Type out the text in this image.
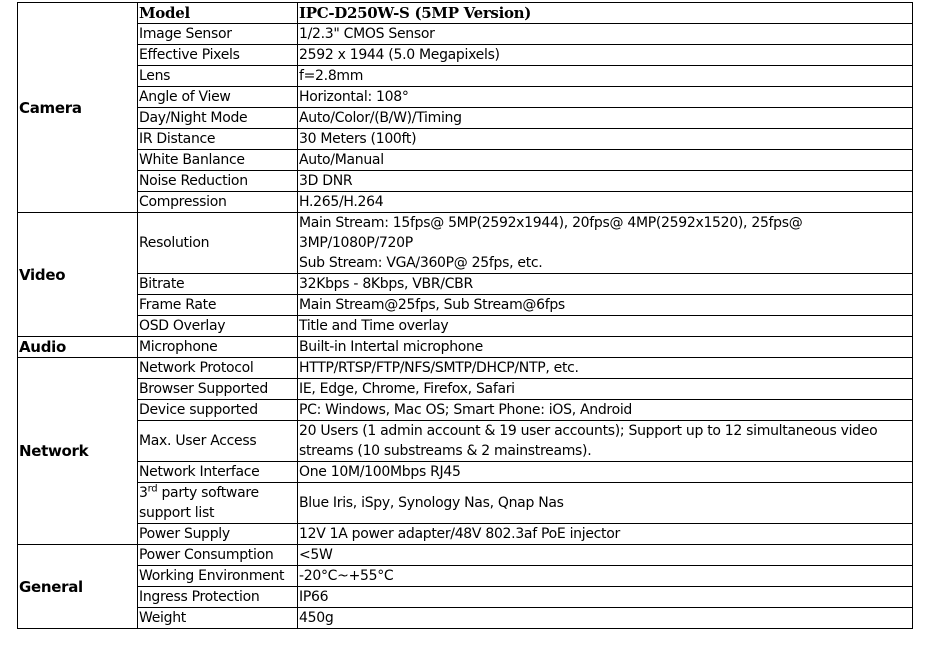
Camera	Model	IPC-D250W-S (5MP Version)
	Image Sensor	1/2.3" CMOS Sensor
	Effective Pixels	2592 x 1944 (5.0 Megapixels)
	Lens	f=2.8mm
	Angle of View	Horizontal: 108°
	Day/Night Mode	Auto/Color/(B/W)/Timing
	IR Distance	30 Meters (100ft)
	White Banlance	Auto/Manual
	Noise Reduction	3D DNR
	Compression	H.265/H.264
Video	Resolution	Main Stream: 15fps@ 5MP(2592x1944), 20fps@ 4MP(2592x1520), 25fps@
3MP/1080P/720P
Sub Stream: VGA/360P@ 25fps, etc.

	Bitrate	32Kbps - 8Kbps, VBR/CBR
	Frame Rate	Main Stream@25fps, Sub Stream@6fps
	OSD Overlay	Title and Time overlay
Audio	Microphone	Built-in Intertal microphone
Network	Network Protocol	HTTP/RTSP/FTP/NFS/SMTP/DHCP/NTP, etc.
	Browser Supported	IE, Edge, Chrome, Firefox, Safari
	Device supported	PC: Windows, Mac OS; Smart Phone: iOS, Android
	Max. User Access	20 Users (1 admin account & 19 user accounts); Support up to 12 simultaneous video
streams (10 substreams & 2 mainstreams).

	Network Interface	One 10M/100Mbps RJ45

	3rd party software
support list	Blue Iris, iSpy, Synology Nas, Qnap Nas
	Power Supply	12V 1A power adapter/48V 802.3af PoE injector
General	Power Consumption	<5W
	Working Environment	-20°C~+55°C
	Ingress Protection	IP66
	Weight	450g
